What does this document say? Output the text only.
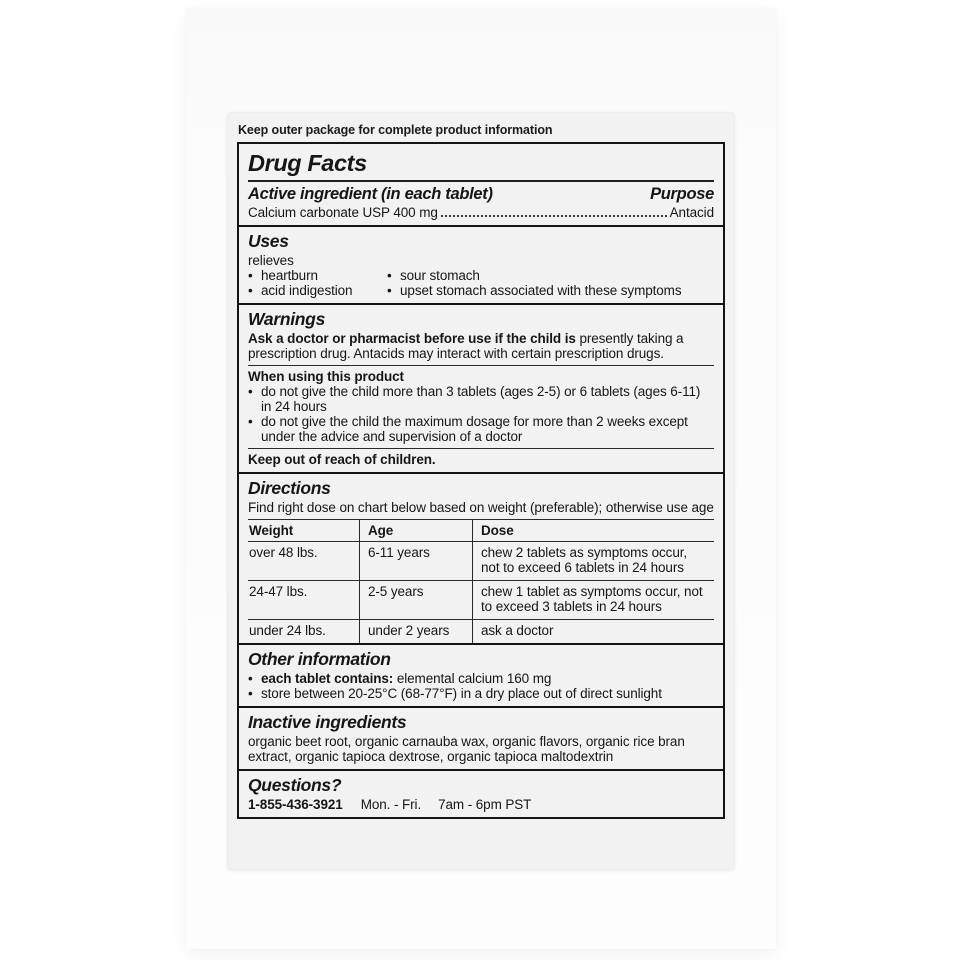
Keep outer package for complete product information
Drug Facts
Active ingredient (in each tablet)	Purpose
Calcium carbonate USP 400 mg	Antacid
Uses
relieves
• heartburn	• sour stomach
• acid indigestion	• upset stomach associated with these symptoms
Warnings
Ask a doctor or pharmacist before use if the child is presently taking a prescription drug. Antacids may interact with certain prescription drugs.
When using this product
• do not give the child more than 3 tablets (ages 2-5) or 6 tablets (ages 6-11) in 24 hours
• do not give the child the maximum dosage for more than 2 weeks except under the advice and supervision of a doctor
Keep out of reach of children.
Directions
Find right dose on chart below based on weight (preferable); otherwise use age
Weight	Age	Dose
over 48 lbs.	6-11 years	chew 2 tablets as symptoms occur, not to exceed 6 tablets in 24 hours
24-47 lbs.	2-5 years	chew 1 tablet as symptoms occur, not to exceed 3 tablets in 24 hours
under 24 lbs.	under 2 years	ask a doctor
Other information
• each tablet contains: elemental calcium 160 mg
• store between 20-25°C (68-77°F) in a dry place out of direct sunlight
Inactive ingredients
organic beet root, organic carnauba wax, organic flavors, organic rice bran extract, organic tapioca dextrose, organic tapioca maltodextrin
Questions?
1-855-436-3921 Mon. - Fri. 7am - 6pm PST
